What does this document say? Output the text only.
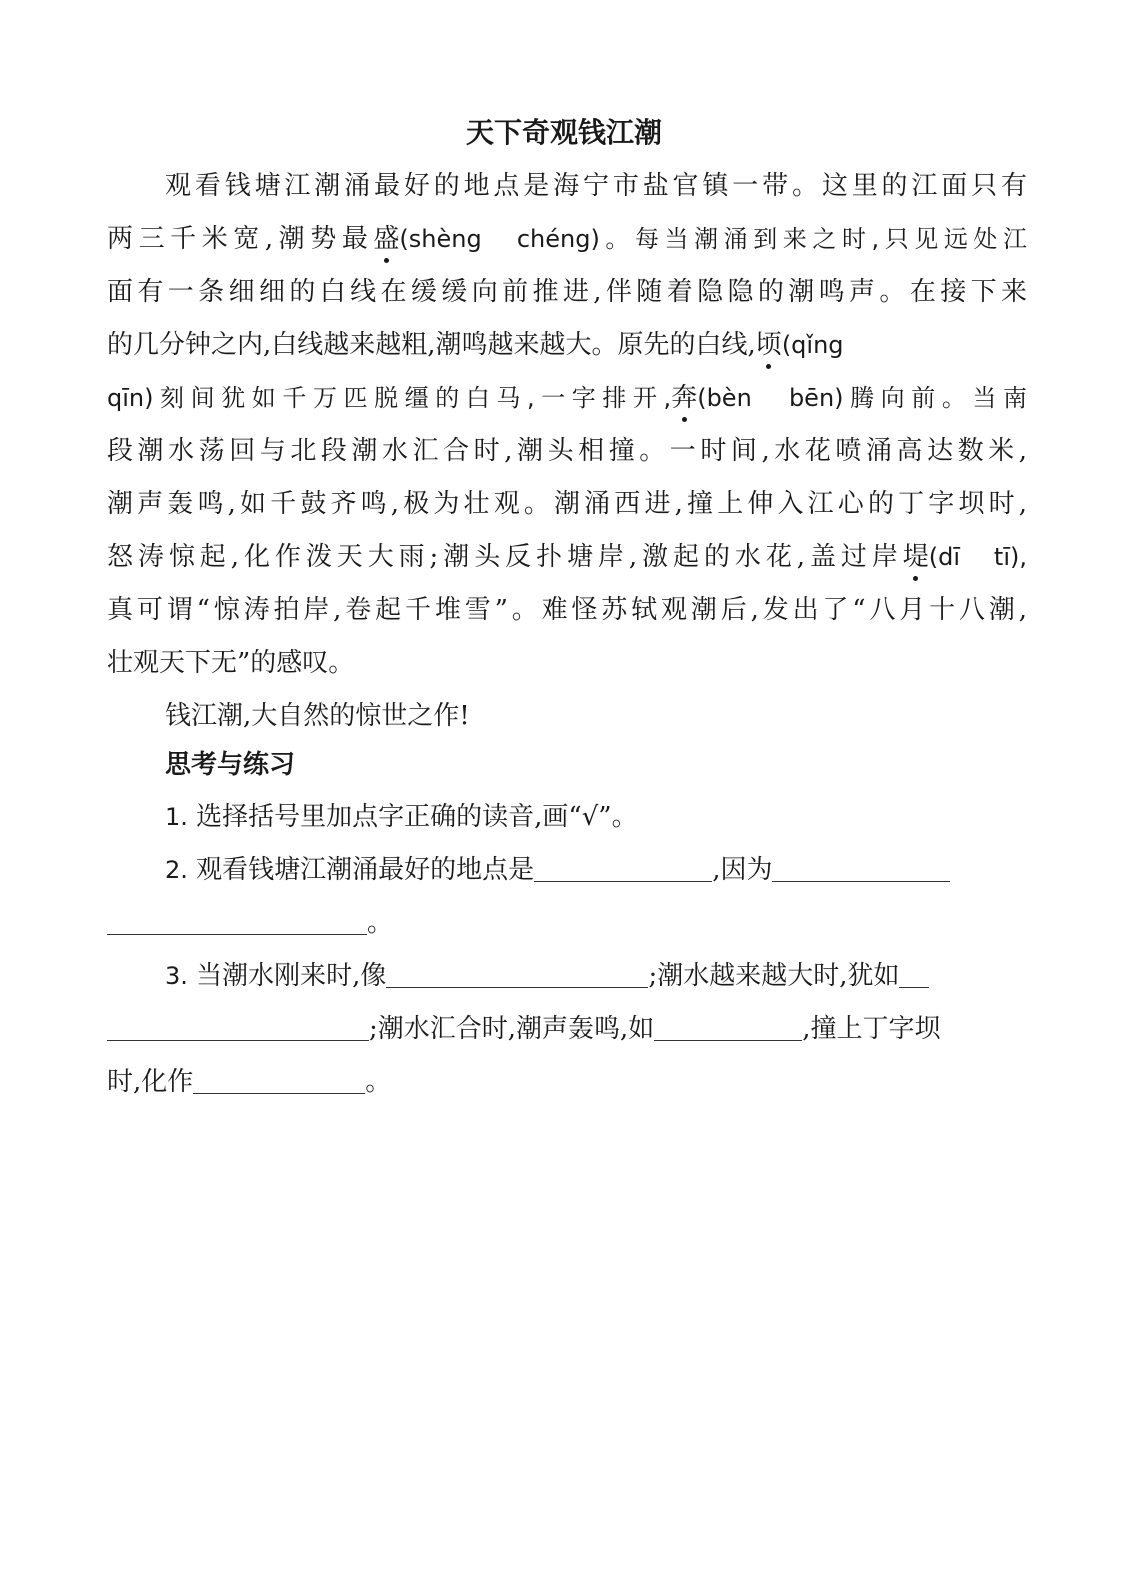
天下奇观钱江潮
观看钱塘江潮涌最好的地点是海宁市盐官镇一带。这里的江面只有
两三千米宽,潮势最盛(shèng　chéng)。每当潮涌到来之时,只见远处江
面有一条细细的白线在缓缓向前推进,伴随着隐隐的潮鸣声。在接下来
的几分钟之内,白线越来越粗,潮鸣越来越大。原先的白线,顷(qǐng
qīn)刻间犹如千万匹脱缰的白马,一字排开,奔(bèn　bēn)腾向前。当南
段潮水荡回与北段潮水汇合时,潮头相撞。一时间,水花喷涌高达数米,
潮声轰鸣,如千鼓齐鸣,极为壮观。潮涌西进,撞上伸入江心的丁字坝时,
怒涛惊起,化作泼天大雨;潮头反扑塘岸,激起的水花,盖过岸堤(dī　tī),
真可谓“惊涛拍岸,卷起千堆雪”。难怪苏轼观潮后,发出了“八月十八潮,
壮观天下无”的感叹。
钱江潮,大自然的惊世之作!
思考与练习
1. 选择括号里加点字正确的读音,画“√”。
2. 观看钱塘江潮涌最好的地点是	,因为
。
3. 当潮水刚来时,像	;潮水越来越大时,犹如
;潮水汇合时,潮声轰鸣,如	,撞上丁字坝
时,化作	。
